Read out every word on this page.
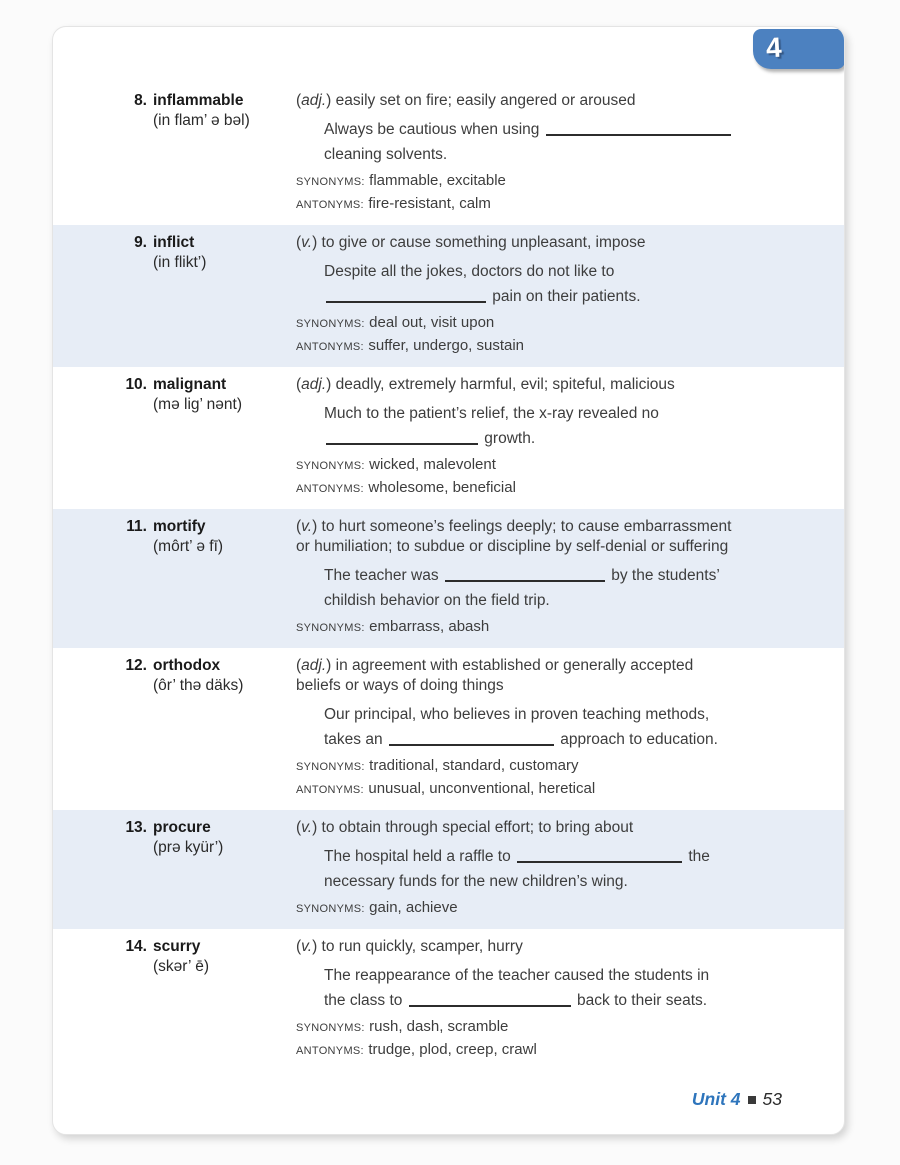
4
8. inflammable
(in flam’ ə bəl)
(adj.) easily set on fire; easily angered or aroused
Always be cautious when using
cleaning solvents.
SYNONYMS: flammable, excitable
ANTONYMS: fire-resistant, calm
9. inflict
(in flikt’)
(v.) to give or cause something unpleasant, impose
Despite all the jokes, doctors do not like to
pain on their patients.
SYNONYMS: deal out, visit upon
ANTONYMS: suffer, undergo, sustain
10. malignant
(mə lig’ nənt)
(adj.) deadly, extremely harmful, evil; spiteful, malicious
Much to the patient’s relief, the x-ray revealed no
growth.
SYNONYMS: wicked, malevolent
ANTONYMS: wholesome, beneficial
11. mortify
(môrt’ ə fī)
(v.) to hurt someone’s feelings deeply; to cause embarrassment or humiliation; to subdue or discipline by self-denial or suffering
The teacher was	by the students’
childish behavior on the field trip.
SYNONYMS: embarrass, abash
12. orthodox
(ôr’ thə däks)
(adj.) in agreement with established or generally accepted beliefs or ways of doing things
Our principal, who believes in proven teaching methods,
takes an	approach to education.
SYNONYMS: traditional, standard, customary
ANTONYMS: unusual, unconventional, heretical
13. procure
(prə kyür’)
(v.) to obtain through special effort; to bring about
The hospital held a raffle to	the
necessary funds for the new children’s wing.
SYNONYMS: gain, achieve
14. scurry
(skər’ ē)
(v.) to run quickly, scamper, hurry
The reappearance of the teacher caused the students in
the class to	back to their seats.
SYNONYMS: rush, dash, scramble
ANTONYMS: trudge, plod, creep, crawl
Unit 4 53
